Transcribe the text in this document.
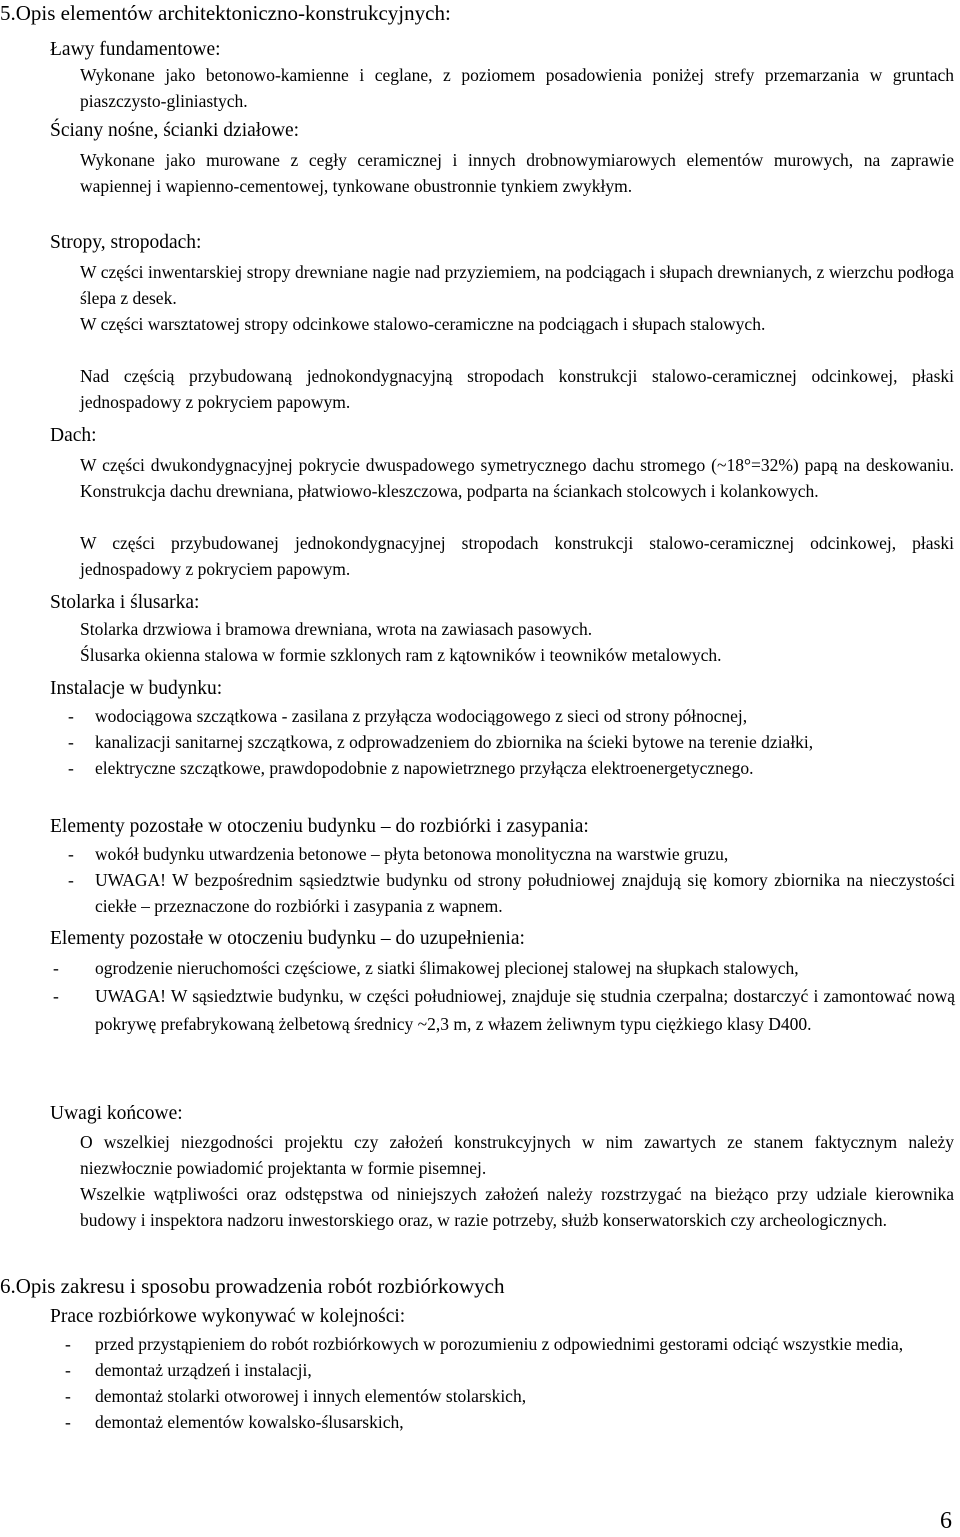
5.Opis elementów architektoniczno-konstrukcyjnych:
Ławy fundamentowe:
Wykonane jako betonowo-kamienne i ceglane, z poziomem posadowienia poniżej strefy przemarzania w gruntach piaszczysto-gliniastych.
Ściany nośne, ścianki działowe:
Wykonane jako murowane z cegły ceramicznej i innych drobnowymiarowych elementów murowych, na zaprawie wapiennej i wapienno-cementowej, tynkowane obustronnie tynkiem zwykłym.
Stropy, stropodach:
W części inwentarskiej stropy drewniane nagie nad przyziemiem, na podciągach i słupach drewnianych, z wierzchu podłoga ślepa z desek.
W części warsztatowej stropy odcinkowe stalowo-ceramiczne na podciągach i słupach stalowych.
Nad częścią przybudowaną jednokondygnacyjną stropodach konstrukcji stalowo-ceramicznej odcinkowej, płaski jednospadowy z pokryciem papowym.
Dach:
W części dwukondygnacyjnej pokrycie dwuspadowego symetrycznego dachu stromego (~18°=32%) papą na deskowaniu. Konstrukcja dachu drewniana, płatwiowo-kleszczowa, podparta na ściankach stolcowych i kolankowych.
W części przybudowanej jednokondygnacyjnej stropodach konstrukcji stalowo-ceramicznej odcinkowej, płaski jednospadowy z pokryciem papowym.
Stolarka i ślusarka:
Stolarka drzwiowa i bramowa drewniana, wrota na zawiasach pasowych.
Ślusarka okienna stalowa w formie szklonych ram z kątowników i teowników metalowych.
Instalacje w budynku:
- wodociągowa szczątkowa - zasilana z przyłącza wodociągowego z sieci od strony północnej,
- kanalizacji sanitarnej szczątkowa, z odprowadzeniem do zbiornika na ścieki bytowe na terenie działki,
- elektryczne szczątkowe, prawdopodobnie z napowietrznego przyłącza elektroenergetycznego.
Elementy pozostałe w otoczeniu budynku – do rozbiórki i zasypania:
- wokół budynku utwardzenia betonowe – płyta betonowa monolityczna na warstwie gruzu,
- UWAGA! W bezpośrednim sąsiedztwie budynku od strony południowej znajdują się komory zbiornika na nieczystości ciekłe – przeznaczone do rozbiórki i zasypania z wapnem.
Elementy pozostałe w otoczeniu budynku – do uzupełnienia:
- ogrodzenie nieruchomości częściowe, z siatki ślimakowej plecionej stalowej na słupkach stalowych,
- UWAGA! W sąsiedztwie budynku, w części południowej, znajduje się studnia czerpalna; dostarczyć i zamontować nową pokrywę prefabrykowaną żelbetową średnicy ~2,3 m, z włazem żeliwnym typu ciężkiego klasy D400.
Uwagi końcowe:
O wszelkiej niezgodności projektu czy założeń konstrukcyjnych w nim zawartych ze stanem faktycznym należy niezwłocznie powiadomić projektanta w formie pisemnej.
Wszelkie wątpliwości oraz odstępstwa od niniejszych założeń należy rozstrzygać na bieżąco przy udziale kierownika budowy i inspektora nadzoru inwestorskiego oraz, w razie potrzeby, służb konserwatorskich czy archeologicznych.
6.Opis zakresu i sposobu prowadzenia robót rozbiórkowych
Prace rozbiórkowe wykonywać w kolejności:
- przed przystąpieniem do robót rozbiórkowych w porozumieniu z odpowiednimi gestorami odciąć wszystkie media,
- demontaż urządzeń i instalacji,
- demontaż stolarki otworowej i innych elementów stolarskich,
- demontaż elementów kowalsko-ślusarskich,
6
